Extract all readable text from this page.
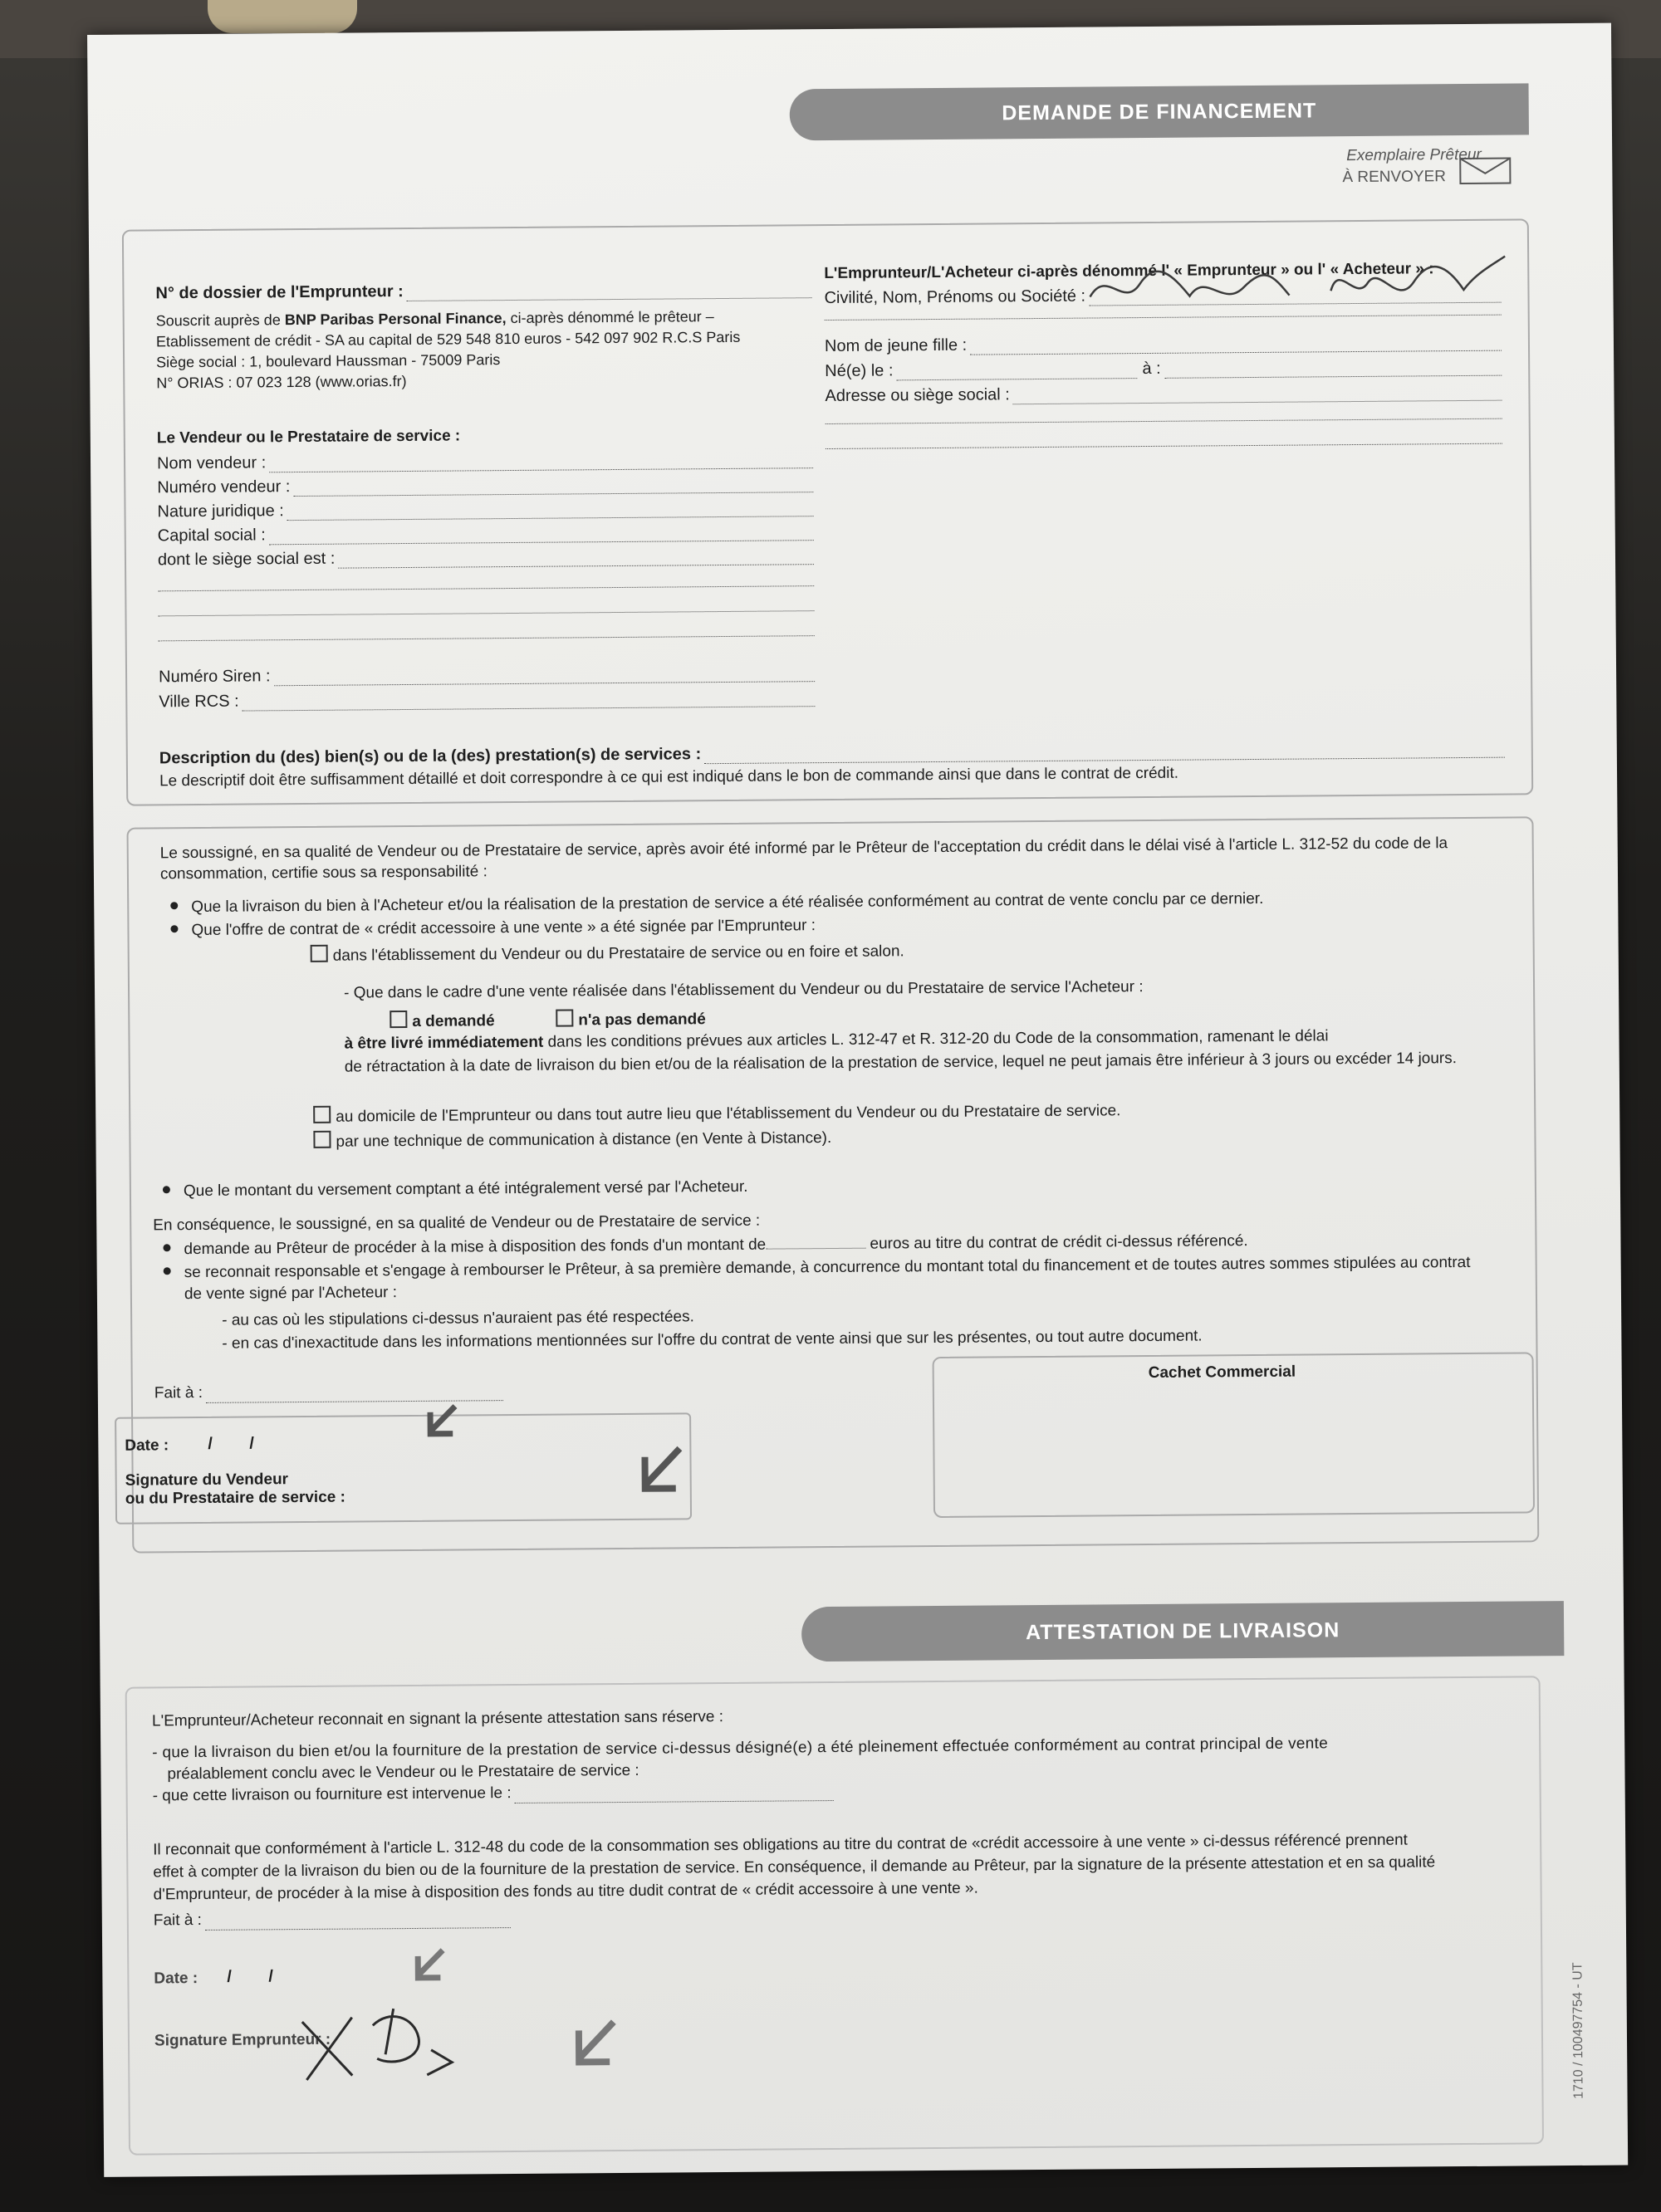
DEMANDE DE FINANCEMENT
Exemplaire Prêteur
À RENVOYER
N° de dossier de l'Emprunteur :
Souscrit auprès de BNP Paribas Personal Finance, ci-après dénommé le prêteur –
Etablissement de crédit - SA au capital de 529 548 810 euros - 542 097 902 R.C.S Paris
Siège social : 1, boulevard Haussman - 75009 Paris
N° ORIAS : 07 023 128 (www.orias.fr)
L'Emprunteur/L'Acheteur ci-après dénommé l' « Emprunteur » ou l' « Acheteur » :
Civilité, Nom, Prénoms ou Société :
Nom de jeune fille :
Né(e) le :	à :
Adresse ou siège social :
Le Vendeur ou le Prestataire de service :
Nom vendeur :
Numéro vendeur :
Nature juridique :
Capital social :
dont le siège social est :
Numéro Siren :
Ville RCS :
Description du (des) bien(s) ou de la (des) prestation(s) de services :
Le descriptif doit être suffisamment détaillé et doit correspondre à ce qui est indiqué dans le bon de commande ainsi que dans le contrat de crédit.
Le soussigné, en sa qualité de Vendeur ou de Prestataire de service, après avoir été informé par le Prêteur de l'acceptation du crédit dans le délai visé à l'article L. 312-52 du code de la
consommation, certifie sous sa responsabilité :
Que la livraison du bien à l'Acheteur et/ou la réalisation de la prestation de service a été réalisée conformément au contrat de vente conclu par ce dernier.
Que l'offre de contrat de « crédit accessoire à une vente » a été signée par l'Emprunteur :
dans l'établissement du Vendeur ou du Prestataire de service ou en foire et salon.
- Que dans le cadre d'une vente réalisée dans l'établissement du Vendeur ou du Prestataire de service l'Acheteur :
a demandé	n'a pas demandé
à être livré immédiatement dans les conditions prévues aux articles L. 312-47 et R. 312-20 du Code de la consommation, ramenant le délai
de rétractation à la date de livraison du bien et/ou de la réalisation de la prestation de service, lequel ne peut jamais être inférieur à 3 jours ou excéder 14 jours.
au domicile de l'Emprunteur ou dans tout autre lieu que l'établissement du Vendeur ou du Prestataire de service.
par une technique de communication à distance (en Vente à Distance).
Que le montant du versement comptant a été intégralement versé par l'Acheteur.
En conséquence, le soussigné, en sa qualité de Vendeur ou de Prestataire de service :
demande au Prêteur de procéder à la mise à disposition des fonds d'un montant de	euros au titre du contrat de crédit ci-dessus référencé.
se reconnait responsable et s'engage à rembourser le Prêteur, à sa première demande, à concurrence du montant total du financement et de toutes autres sommes stipulées au contrat
de vente signé par l'Acheteur :
- au cas où les stipulations ci-dessus n'auraient pas été respectées.
- en cas d'inexactitude dans les informations mentionnées sur l'offre du contrat de vente ainsi que sur les présentes, ou tout autre document.
Fait à :
Cachet Commercial
Date : / /
Signature du Vendeur
ou du Prestataire de service :
ATTESTATION DE LIVRAISON
L'Emprunteur/Acheteur reconnait en signant la présente attestation sans réserve :
- que la livraison du bien et/ou la fourniture de la prestation de service ci-dessus désigné(e) a été pleinement effectuée conformément au contrat principal de vente
préalablement conclu avec le Vendeur ou le Prestataire de service :
- que cette livraison ou fourniture est intervenue le :
Il reconnait que conformément à l'article L. 312-48 du code de la consommation ses obligations au titre du contrat de «crédit accessoire à une vente » ci-dessus référencé prennent
effet à compter de la livraison du bien ou de la fourniture de la prestation de service. En conséquence, il demande au Prêteur, par la signature de la présente attestation et en sa qualité
d'Emprunteur, de procéder à la mise à disposition des fonds au titre dudit contrat de « crédit accessoire à une vente ».
Fait à :
Date : / /
Signature Emprunteur :	1710 / 100497754 - UT
